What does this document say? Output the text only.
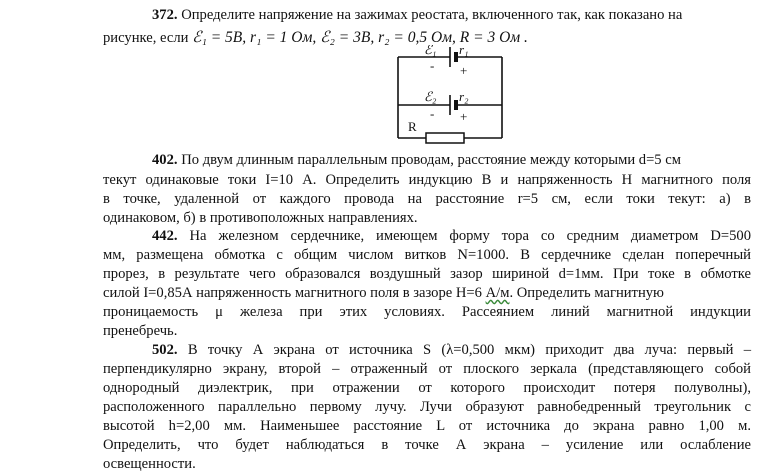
372. Определите напряжение на зажимах реостата, включенного так, как показано на
рисунке, если ℰ₁ = 5B, r₁ = 1 Ом, ℰ₂ = 3B, r₂ = 0,5 Ом, R = 3 Ом .
ℰ₁ r₁
- +
ℰ₂ r₂
- +
R
402. По двум длинным параллельным проводам, расстояние между которыми d=5 см
текут одинаковые токи I=10 А. Определить индукцию В и напряженность Н магнитного поля
в точке, удаленной от каждого провода на расстояние r=5 см, если токи текут: а) в
одинаковом, б) в противоположных направлениях.
442. На железном сердечнике, имеющем форму тора со средним диаметром D=500
мм, размещена обмотка с общим числом витков N=1000. В сердечнике сделан поперечный
прорез, в результате чего образовался воздушный зазор шириной d=1мм. При токе в обмотке
силой I=0,85А напряженность магнитного поля в зазоре Н=6 А/м. Определить магнитную
проницаемость μ железа при этих условиях. Рассеянием линий магнитной индукции
пренебречь.
502. В точку А экрана от источника S (λ=0,500 мкм) приходит два луча: первый –
перпендикулярно экрану, второй – отраженный от плоского зеркала (представляющего собой
однородный диэлектрик, при отражении от которого происходит потеря полуволны),
расположенного параллельно первому лучу. Лучи образуют равнобедренный треугольник с
высотой h=2,00 мм. Наименьшее расстояние L от источника до экрана равно 1,00 м.
Определить, что будет наблюдаться в точке А экрана – усиление или ослабление
освещенности.
